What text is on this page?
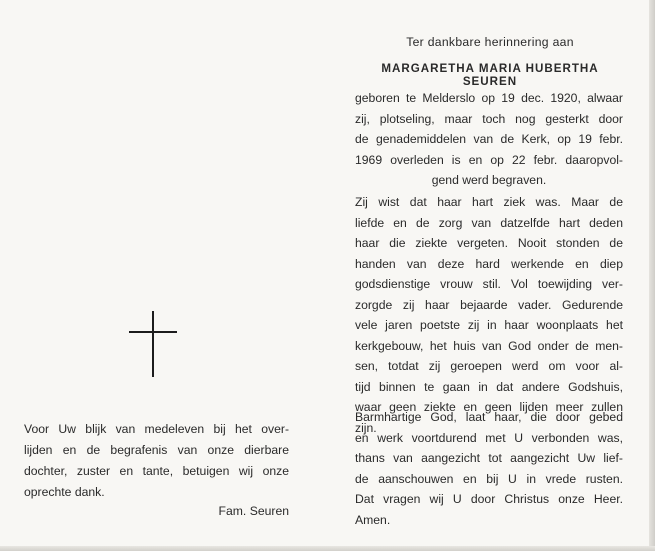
Voor Uw blijk van medeleven bij het over-
lijden en de begrafenis van onze dierbare
dochter, zuster en tante, betuigen wij onze
oprechte dank.
Fam. Seuren
Ter dankbare herinnering aan
MARGARETHA MARIA HUBERTHA SEUREN
geboren te Melderslo op 19 dec. 1920, alwaar
zij, plotseling, maar toch nog gesterkt door
de genademiddelen van de Kerk, op 19 febr.
1969 overleden is en op 22 febr. daaropvol-
gend werd begraven.
Zij wist dat haar hart ziek was. Maar de
liefde en de zorg van datzelfde hart deden
haar die ziekte vergeten. Nooit stonden de
handen van deze hard werkende en diep
godsdienstige vrouw stil. Vol toewijding ver-
zorgde zij haar bejaarde vader. Gedurende
vele jaren poetste zij in haar woonplaats het
kerkgebouw, het huis van God onder de men-
sen, totdat zij geroepen werd om voor al-
tijd binnen te gaan in dat andere Godshuis,
waar geen ziekte en geen lijden meer zullen
zijn.
Barmhartige God, laat haar, die door gebed
en werk voortdurend met U verbonden was,
thans van aangezicht tot aangezicht Uw lief-
de aanschouwen en bij U in vrede rusten.
Dat vragen wij U door Christus onze Heer.
Amen.
